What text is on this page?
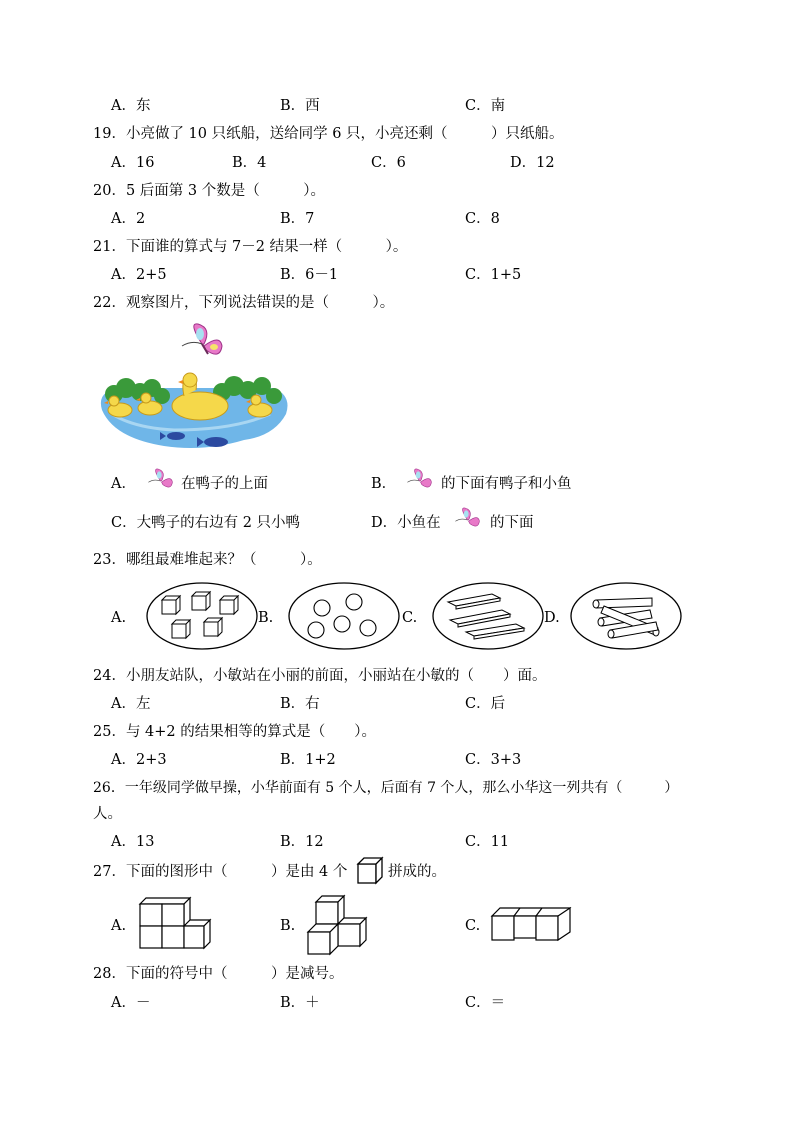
A．东	B．西	C．南
19．小亮做了 10 只纸船，送给同学 6 只，小亮还剩（　　　）只纸船。
A．16	B．4	C．6	D．12
20．5 后面第 3 个数是（　　　）。
A．2	B．7	C．8
21．下面谁的算式与 7－2 结果一样（　　　）。
A．2+5	B．6－1	C．1+5
22．观察图片，下列说法错误的是（　　　）。
A．	在鸭子的上面	B．	的下面有鸭子和小鱼
C．大鸭子的右边有 2 只小鸭	D．小鱼在	的下面
23．哪组最难堆起来？（　　　）。
A.	B.	C.	D.
24．小朋友站队，小敏站在小丽的前面，小丽站在小敏的（　　）面。
A．左	B．右	C．后
25．与 4+2 的结果相等的算式是（　　）。
A．2+3	B．1+2	C．3+3
26．一年级同学做早操，小华前面有 5 个人，后面有 7 个人，那么小华这一列共有（　　　）
人。
A．13	B．12	C．11
27．下面的图形中（　　　）是由 4 个	拼成的。
A.	B.	C.
28．下面的符号中（　　　）是减号。
A．－	B．＋	C．＝
